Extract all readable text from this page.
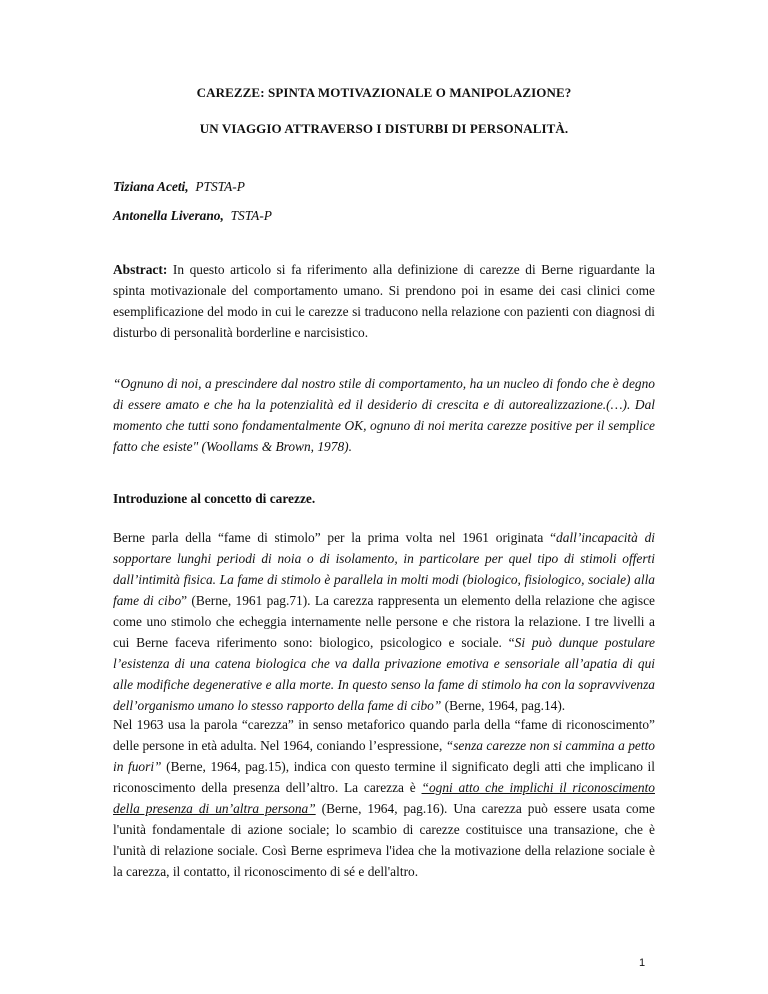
CAREZZE: SPINTA MOTIVAZIONALE O MANIPOLAZIONE?
UN VIAGGIO ATTRAVERSO I DISTURBI DI PERSONALITÀ.
Tiziana Aceti, PTSTA-P
Antonella Liverano, TSTA-P

Abstract: In questo articolo si fa riferimento alla definizione di carezze di Berne riguardante la spinta motivazionale del comportamento umano. Si prendono poi in esame dei casi clinici come esemplificazione del modo in cui le carezze si traducono nella relazione con pazienti con diagnosi di disturbo di personalità borderline e narcisistico.

“Ognuno di noi, a prescindere dal nostro stile di comportamento, ha un nucleo di fondo che è degno di essere amato e che ha la potenzialità ed il desiderio di crescita e di autorealizzazione.(…). Dal momento che tutti sono fondamentalmente OK, ognuno di noi merita carezze positive per il semplice fatto che esiste" (Woollams & Brown, 1978).

Introduzione al concetto di carezze.

Berne parla della “fame di stimolo” per la prima volta nel 1961 originata “dall’incapacità di sopportare lunghi periodi di noia o di isolamento, in particolare per quel tipo di stimoli offerti dall’intimità fisica. La fame di stimolo è parallela in molti modi (biologico, fisiologico, sociale) alla fame di cibo” (Berne, 1961 pag.71). La carezza rappresenta un elemento della relazione che agisce come uno stimolo che echeggia internamente nelle persone e che ristora la relazione. I tre livelli a cui Berne faceva riferimento sono: biologico, psicologico e sociale. “Si può dunque postulare l’esistenza di una catena biologica che va dalla privazione emotiva e sensoriale all’apatia di qui alle modifiche degenerative e alla morte. In questo senso la fame di stimolo ha con la sopravvivenza dell’organismo umano lo stesso rapporto della fame di cibo” (Berne, 1964, pag.14).

Nel 1963 usa la parola “carezza” in senso metaforico quando parla della “fame di riconoscimento” delle persone in età adulta. Nel 1964, coniando l’espressione, “senza carezze non si cammina a petto in fuori” (Berne, 1964, pag.15), indica con questo termine il significato degli atti che implicano il riconoscimento della presenza dell’altro. La carezza è “ogni atto che implichi il riconoscimento della presenza di un’altra persona” (Berne, 1964, pag.16). Una carezza può essere usata come l'unità fondamentale di azione sociale; lo scambio di carezze costituisce una transazione, che è l'unità di relazione sociale. Così Berne esprimeva l'idea che la motivazione della relazione sociale è la carezza, il contatto, il riconoscimento di sé e dell'altro.

1
